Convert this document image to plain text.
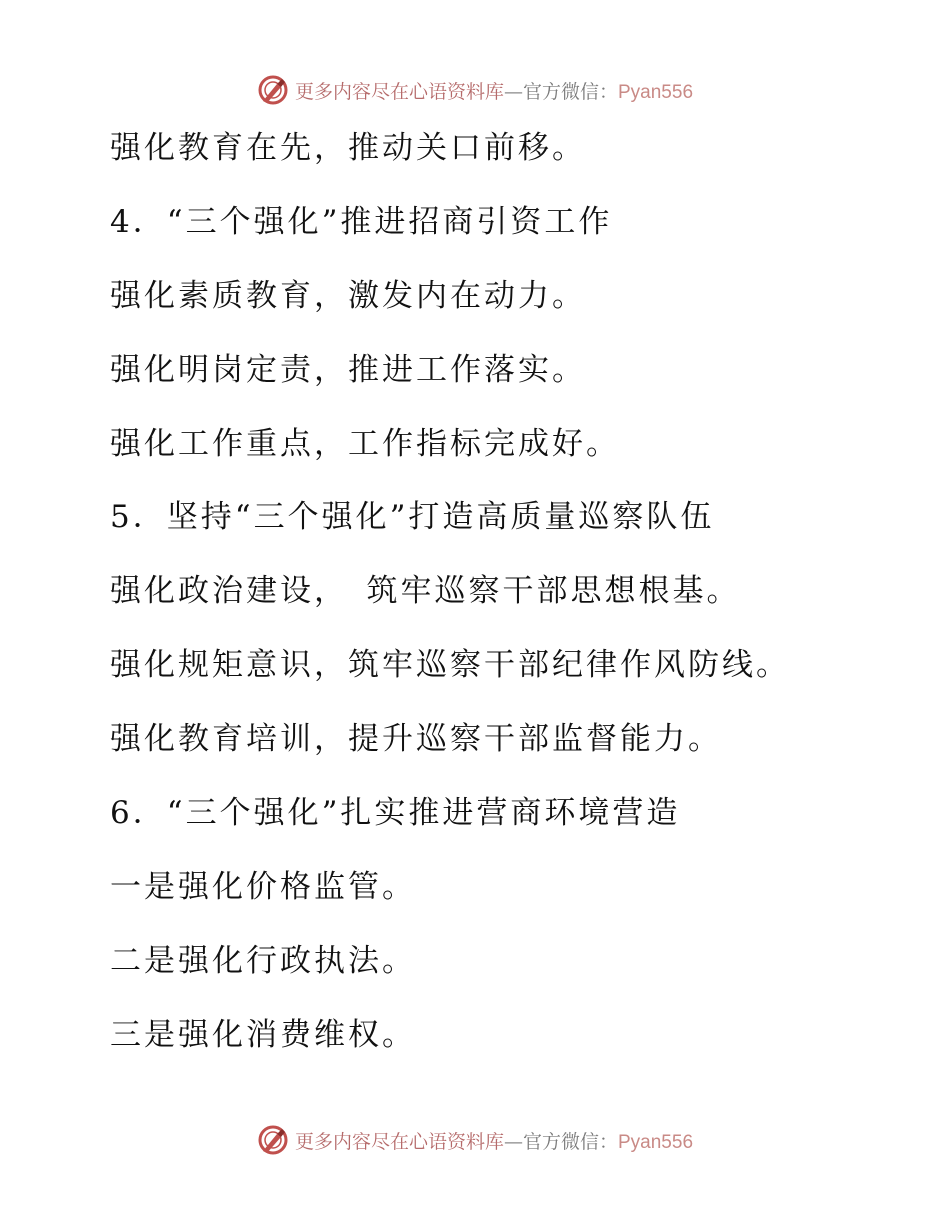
更多内容尽在心语资料库—官方微信：Pyan556
强化教育在先，推动关口前移。
4．“三个强化”推进招商引资工作
强化素质教育，激发内在动力。
强化明岗定责，推进工作落实。
强化工作重点，工作指标完成好。
5．坚持“三个强化”打造高质量巡察队伍
强化政治建设，　筑牢巡察干部思想根基。
强化规矩意识，筑牢巡察干部纪律作风防线。
强化教育培训，提升巡察干部监督能力。
6．“三个强化”扎实推进营商环境营造
一是强化价格监管。
二是强化行政执法。
三是强化消费维权。
更多内容尽在心语资料库—官方微信：Pyan556
